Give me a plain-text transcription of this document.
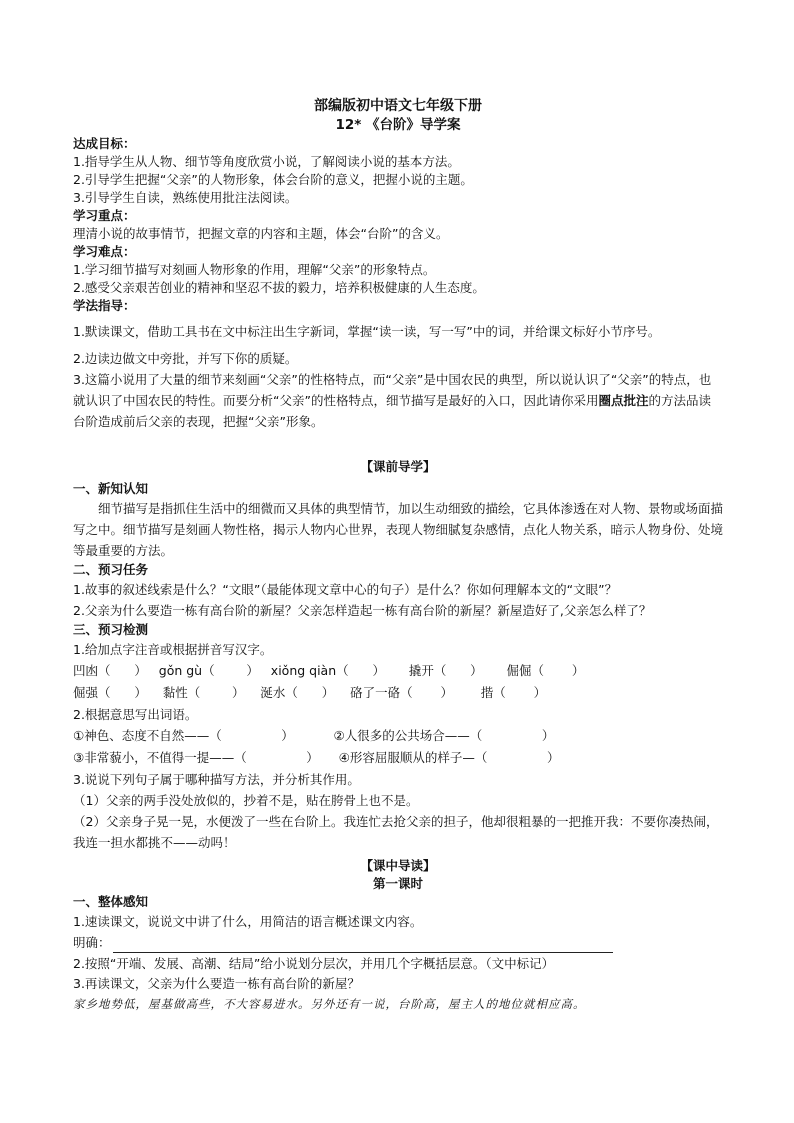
部编版初中语文七年级下册
12* 《台阶》导学案
达成目标：

1.指导学生从人物、细节等角度欣赏小说，了解阅读小说的基本方法。

2.引导学生把握“父亲”的人物形象，体会台阶的意义，把握小说的主题。

3.引导学生自读，熟练使用批注法阅读。

学习重点：

理清小说的故事情节，把握文章的内容和主题，体会“台阶”的含义。

学习难点：

1.学习细节描写对刻画人物形象的作用，理解“父亲”的形象特点。

2.感受父亲艰苦创业的精神和坚忍不拔的毅力，培养积极健康的人生态度。

学法指导：

1.默读课文，借助工具书在文中标注出生字新词，掌握“读一读，写一写”中的词，并给课文标好小节序号。

2.边读边做文中旁批，并写下你的质疑。

3.这篇小说用了大量的细节来刻画“父亲”的性格特点，而“父亲”是中国农民的典型，所以说认识了“父亲”的特点，也就认识了中国农民的特性。而要分析“父亲”的性格特点，细节描写是最好的入口，因此请你采用圈点批注的方法品读台阶造成前后父亲的表现，把握“父亲”形象。

【课前导学】
一、新知认知

细节描写是指抓住生活中的细微而又具体的典型情节，加以生动细致的描绘，它具体渗透在对人物、景物或场面描写之中。细节描写是刻画人物性格，揭示人物内心世界，表现人物细腻复杂感情，点化人物关系，暗示人物身份、处境等最重要的方法。

二、预习任务

1.故事的叙述线索是什么？“文眼”（最能体现文章中心的句子）是什么？你如何理解本文的“文眼”？

2.父亲为什么要造一栋有高台阶的新屋？父亲怎样造起一栋有高台阶的新屋？新屋造好了,父亲怎么样了？

三、预习检测

1.给加点字注音或根据拼音写汉字。

凹凼（      ）   gǒn gù（        ）   xiǒng qiàn（      ）      撬开（      ）      倔倔（       ）
倔强（      ）    黏性（        ）    涎水（      ）    硌了一硌（       ）       揩（       ）

2.根据意思写出词语。

①神色、态度不自然——（               ）          ②人很多的公共场合——（               ）
③非常藐小，不值得一提——（               ）     ④形容屈服顺从的样子—（               ）

3.说说下列句子属于哪种描写方法，并分析其作用。

（1）父亲的两手没处放似的，抄着不是，贴在胯骨上也不是。

（2）父亲身子晃一晃，水便泼了一些在台阶上。我连忙去抢父亲的担子，他却很粗暴的一把推开我：不要你凑热闹，我连一担水都挑不——动吗！

【课中导读】
第一课时
一、整体感知

1.速读课文，说说文中讲了什么，用简洁的语言概述课文内容。

明确：

2.按照“开端、发展、高潮、结局”给小说划分层次，并用几个字概括层意。（文中标记）

3.再读课文，父亲为什么要造一栋有高台阶的新屋？

家乡地势低，屋基做高些，不大容易进水。另外还有一说，台阶高，屋主人的地位就相应高。
